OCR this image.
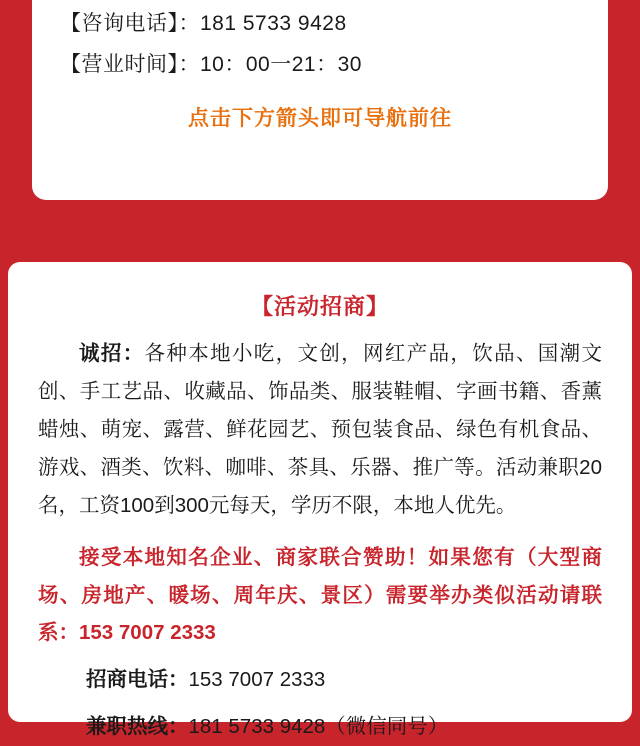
【咨询电话】：181 5733 9428
【营业时间】：10：00一21：30
点击下方箭头即可导航前往
【活动招商】
诚招：各种本地小吃，文创，网红产品，饮品、国潮文创、手工艺品、收藏品、饰品类、服装鞋帽、字画书籍、香薰蜡烛、萌宠、露营、鲜花园艺、预包装食品、绿色有机食品、游戏、酒类、饮料、咖啡、茶具、乐器、推广等。活动兼职20名，工资100到300元每天，学历不限，本地人优先。
接受本地知名企业、商家联合赞助！如果您有（大型商场、房地产、暖场、周年庆、景区）需要举办类似活动请联系：153 7007 2333
招商电话：153 7007 2333
兼职热线：181 5733 9428（微信同号）
